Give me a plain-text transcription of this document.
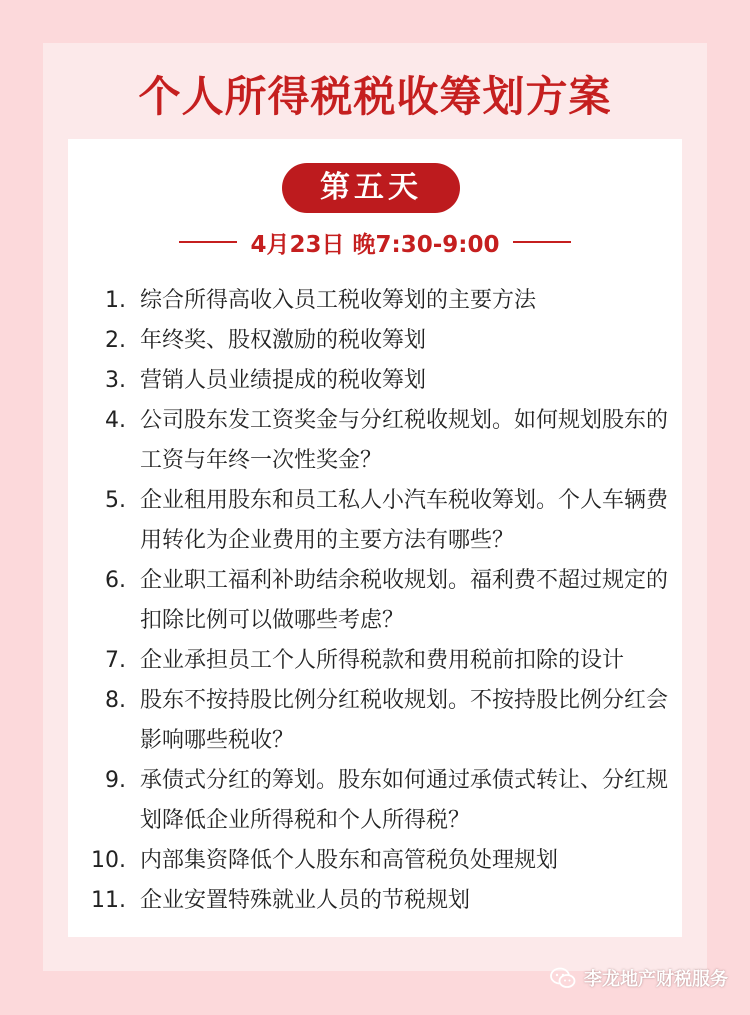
个人所得税税收筹划方案
第五天
4月23日 晚7:30-9:00
1. 综合所得高收入员工税收筹划的主要方法
2. 年终奖、股权激励的税收筹划
3. 营销人员业绩提成的税收筹划
4. 公司股东发工资奖金与分红税收规划。如何规划股东的工资与年终一次性奖金？
5. 企业租用股东和员工私人小汽车税收筹划。个人车辆费用转化为企业费用的主要方法有哪些？
6. 企业职工福利补助结余税收规划。福利费不超过规定的扣除比例可以做哪些考虑？
7. 企业承担员工个人所得税款和费用税前扣除的设计
8. 股东不按持股比例分红税收规划。不按持股比例分红会影响哪些税收？
9. 承债式分红的筹划。股东如何通过承债式转让、分红规划降低企业所得税和个人所得税？
10. 内部集资降低个人股东和高管税负处理规划
11. 企业安置特殊就业人员的节税规划
李龙地产财税服务
